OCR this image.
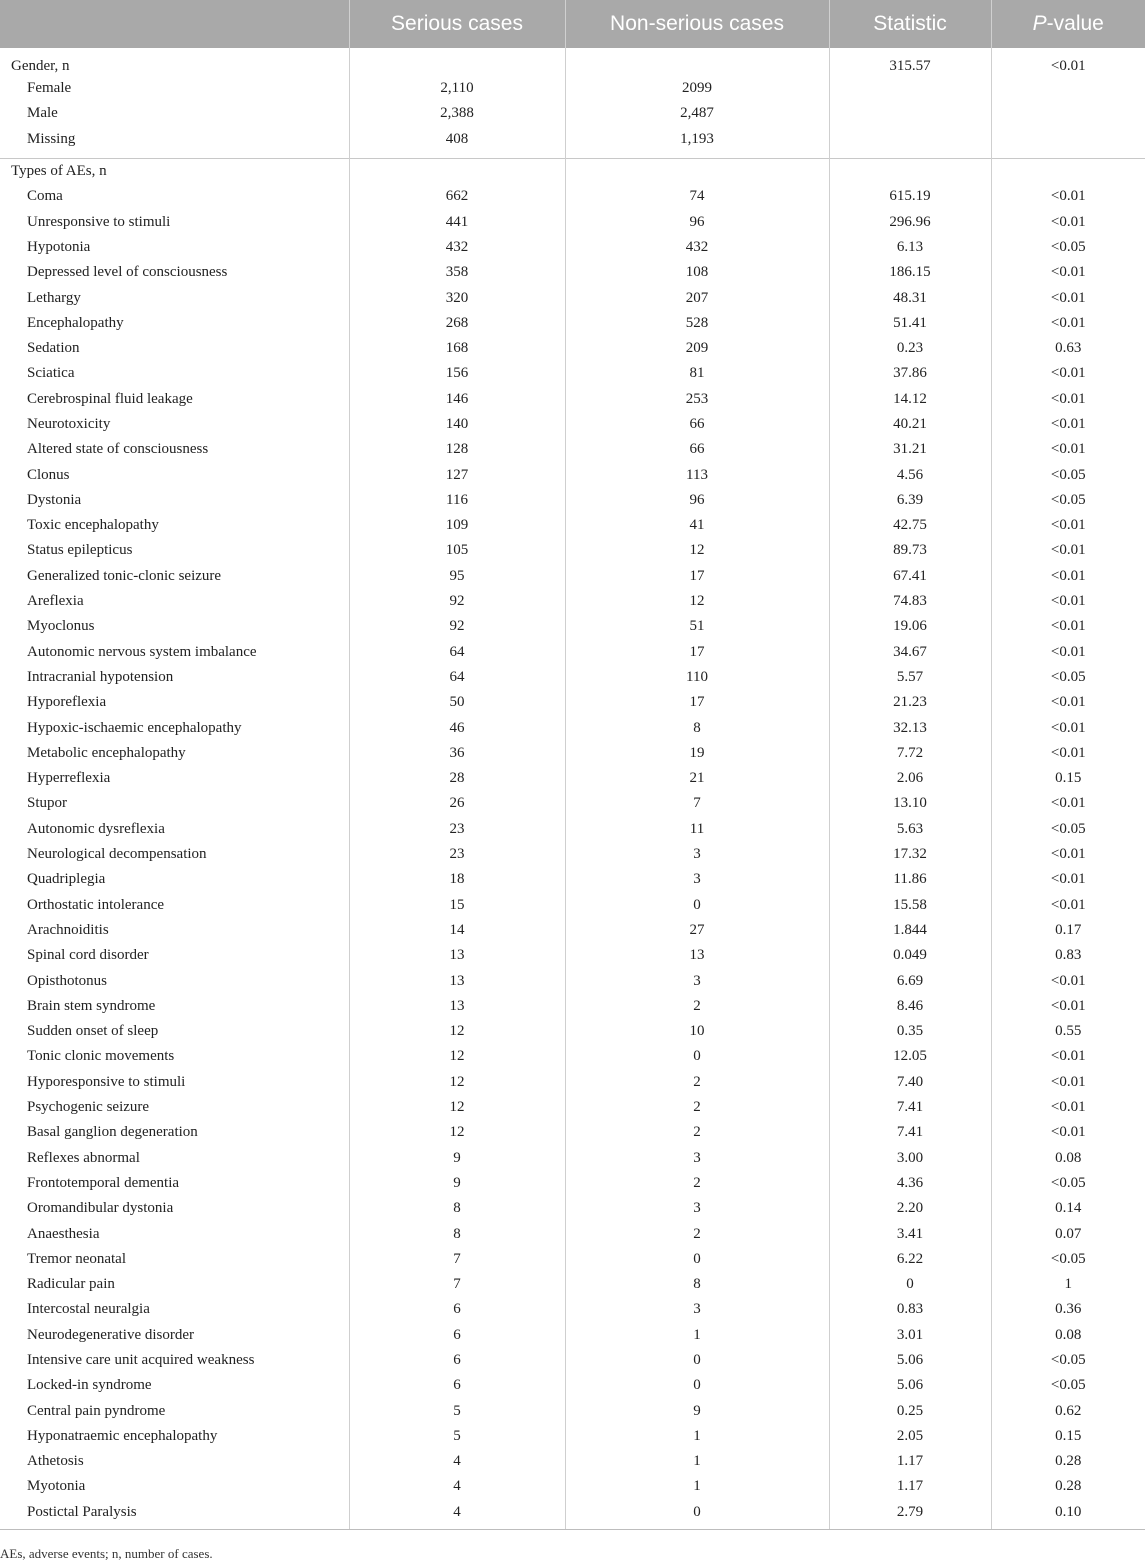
	Serious cases	Non-serious cases	Statistic	P-value
Gender, n			315.57	<0.01
Female	2,110	2099		
Male	2,388	2,487		
Missing	408	1,193		
Types of AEs, n				
Coma	662	74	615.19	<0.01
Unresponsive to stimuli	441	96	296.96	<0.01
Hypotonia	432	432	6.13	<0.05
Depressed level of consciousness	358	108	186.15	<0.01
Lethargy	320	207	48.31	<0.01
Encephalopathy	268	528	51.41	<0.01
Sedation	168	209	0.23	0.63
Sciatica	156	81	37.86	<0.01
Cerebrospinal fluid leakage	146	253	14.12	<0.01
Neurotoxicity	140	66	40.21	<0.01
Altered state of consciousness	128	66	31.21	<0.01
Clonus	127	113	4.56	<0.05
Dystonia	116	96	6.39	<0.05
Toxic encephalopathy	109	41	42.75	<0.01
Status epilepticus	105	12	89.73	<0.01
Generalized tonic-clonic seizure	95	17	67.41	<0.01
Areflexia	92	12	74.83	<0.01
Myoclonus	92	51	19.06	<0.01
Autonomic nervous system imbalance	64	17	34.67	<0.01
Intracranial hypotension	64	110	5.57	<0.05
Hyporeflexia	50	17	21.23	<0.01
Hypoxic-ischaemic encephalopathy	46	8	32.13	<0.01
Metabolic encephalopathy	36	19	7.72	<0.01
Hyperreflexia	28	21	2.06	0.15
Stupor	26	7	13.10	<0.01
Autonomic dysreflexia	23	11	5.63	<0.05
Neurological decompensation	23	3	17.32	<0.01
Quadriplegia	18	3	11.86	<0.01
Orthostatic intolerance	15	0	15.58	<0.01
Arachnoiditis	14	27	1.844	0.17
Spinal cord disorder	13	13	0.049	0.83
Opisthotonus	13	3	6.69	<0.01
Brain stem syndrome	13	2	8.46	<0.01
Sudden onset of sleep	12	10	0.35	0.55
Tonic clonic movements	12	0	12.05	<0.01
Hyporesponsive to stimuli	12	2	7.40	<0.01
Psychogenic seizure	12	2	7.41	<0.01
Basal ganglion degeneration	12	2	7.41	<0.01
Reflexes abnormal	9	3	3.00	0.08
Frontotemporal dementia	9	2	4.36	<0.05
Oromandibular dystonia	8	3	2.20	0.14
Anaesthesia	8	2	3.41	0.07
Tremor neonatal	7	0	6.22	<0.05
Radicular pain	7	8	0	1
Intercostal neuralgia	6	3	0.83	0.36
Neurodegenerative disorder	6	1	3.01	0.08
Intensive care unit acquired weakness	6	0	5.06	<0.05
Locked-in syndrome	6	0	5.06	<0.05
Central pain pyndrome	5	9	0.25	0.62
Hyponatraemic encephalopathy	5	1	2.05	0.15
Athetosis	4	1	1.17	0.28
Myotonia	4	1	1.17	0.28
Postictal Paralysis	4	0	2.79	0.10
AEs, adverse events; n, number of cases.
